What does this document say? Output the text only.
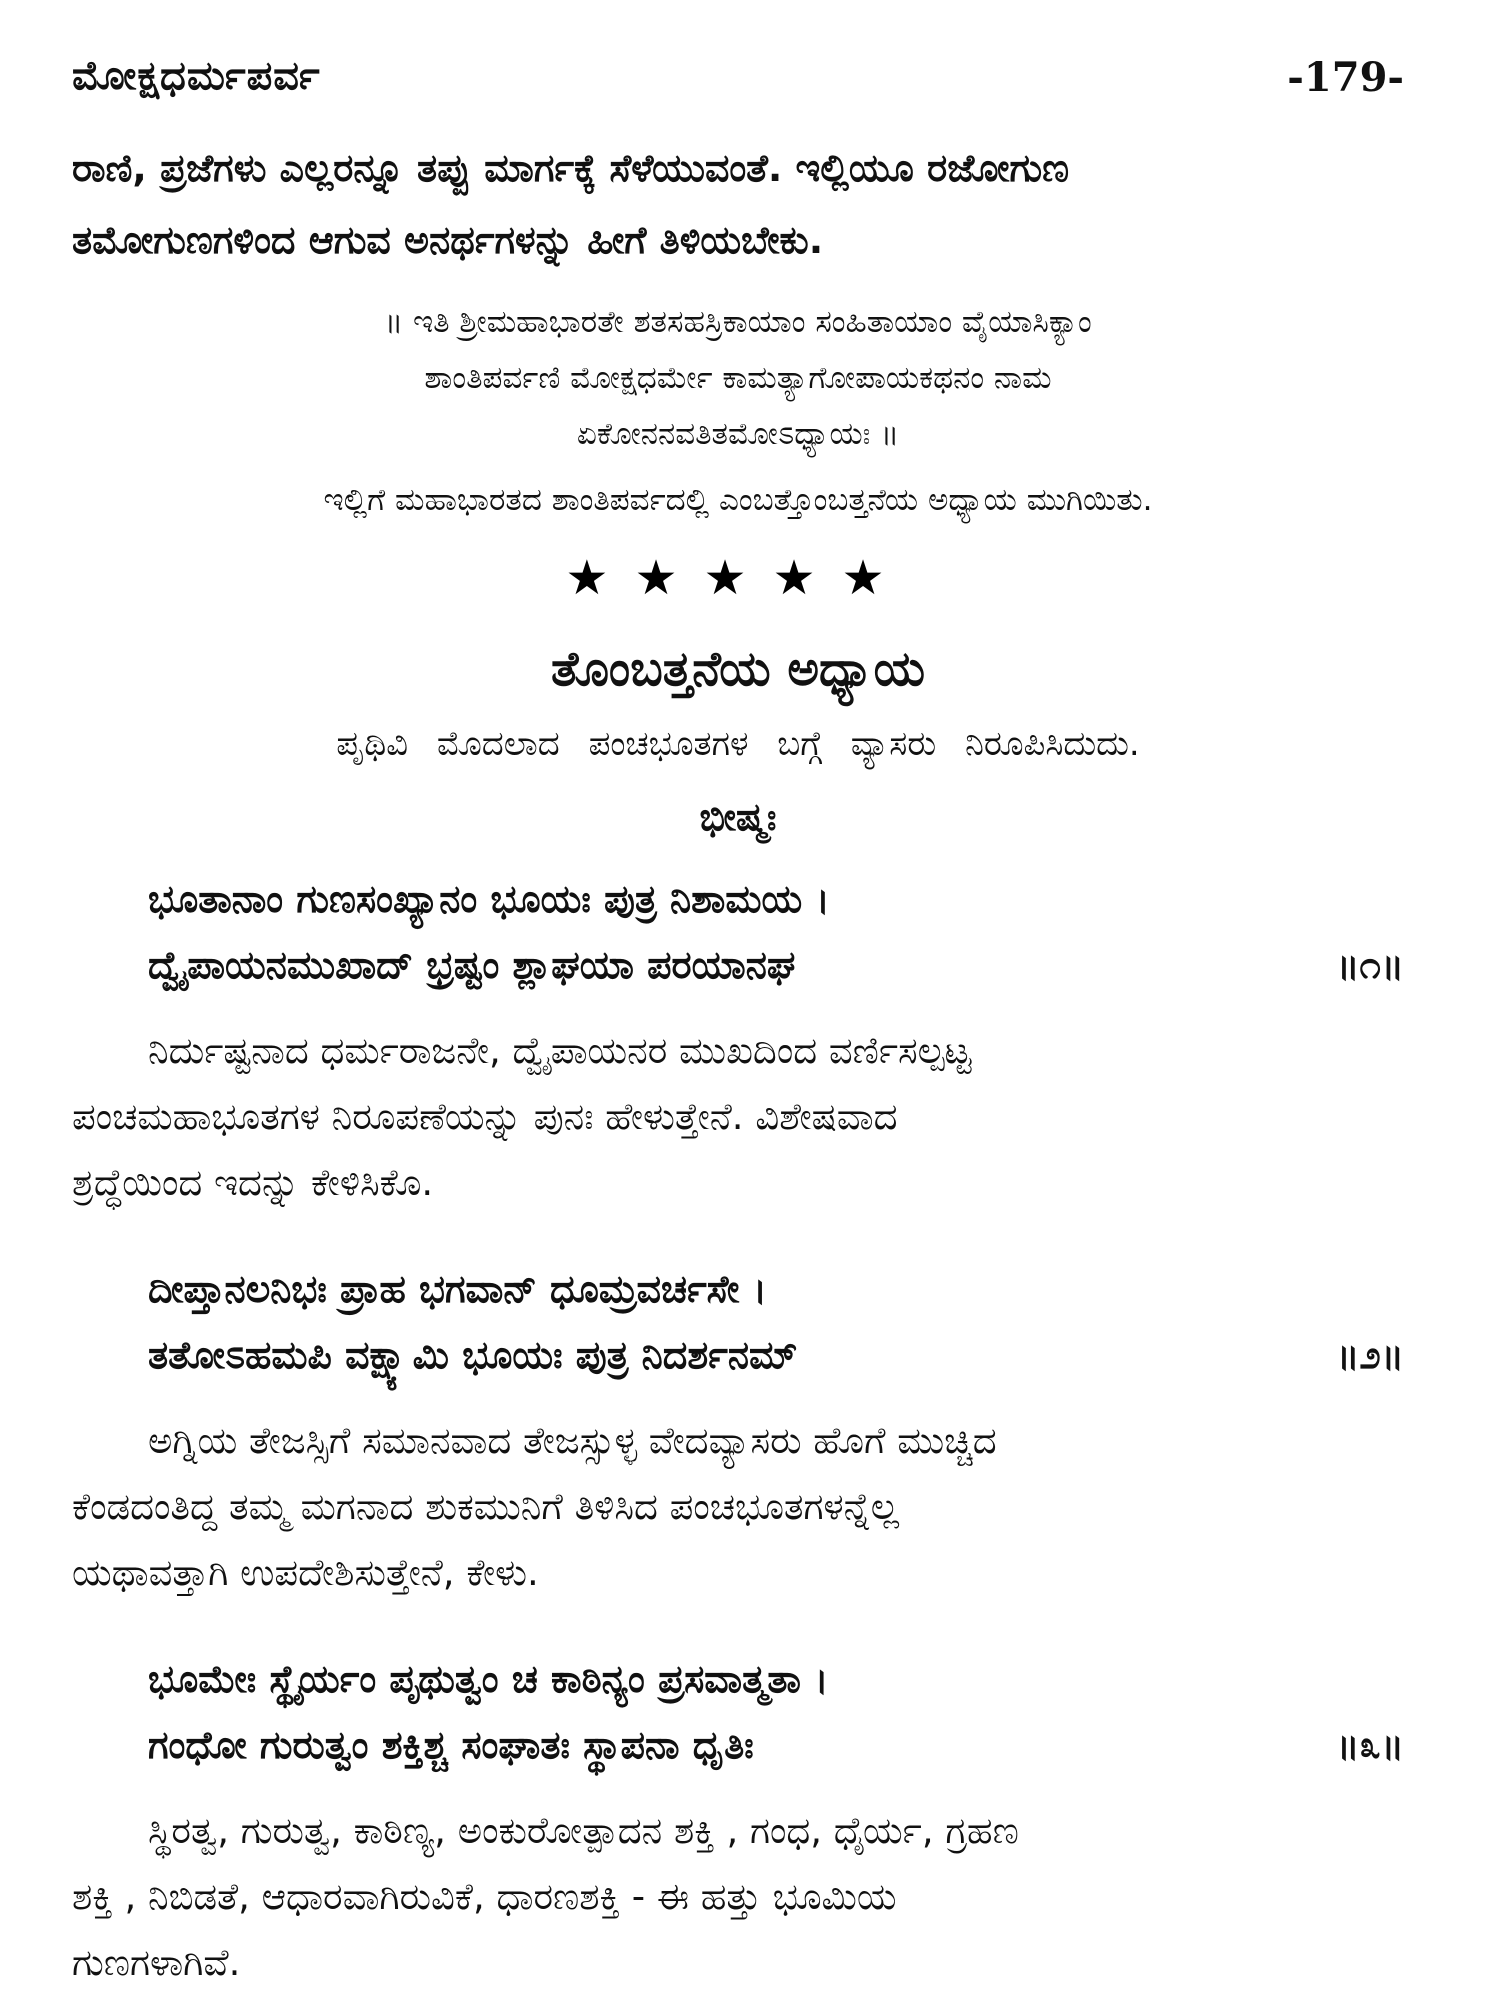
ಮೋಕ್ಷಧರ್ಮಪರ್ವ	-179-

ರಾಣಿ, ಪ್ರಜೆಗಳು ಎಲ್ಲರನ್ನೂ ತಪ್ಪು ಮಾರ್ಗಕ್ಕೆ ಸೆಳೆಯುವಂತೆ. ಇಲ್ಲಿಯೂ ರಜೋಗುಣ

ತಮೋಗುಣಗಳಿಂದ ಆಗುವ ಅನರ್ಥಗಳನ್ನು ಹೀಗೆ ತಿಳಿಯಬೇಕು.

॥ ಇತಿ ಶ್ರೀಮಹಾಭಾರತೇ ಶತಸಹಸ್ರಿಕಾಯಾಂ ಸಂಹಿತಾಯಾಂ ವೈಯಾಸಿಕ್ಯಾಂ

ಶಾಂತಿಪರ್ವಣಿ ಮೋಕ್ಷಧರ್ಮೇ ಕಾಮತ್ಯಾಗೋಪಾಯಕಥನಂ ನಾಮ

ಏಕೋನನವತಿತಮೋಽಧ್ಯಾಯಃ ॥

ಇಲ್ಲಿಗೆ ಮಹಾಭಾರತದ ಶಾಂತಿಪರ್ವದಲ್ಲಿ ಎಂಬತ್ತೊಂಬತ್ತನೆಯ ಅಧ್ಯಾಯ ಮುಗಿಯಿತು.

★★★★★
ತೊಂಬತ್ತನೆಯ ಅಧ್ಯಾಯ
ಪೃಥಿವಿ ಮೊದಲಾದ ಪಂಚಭೂತಗಳ ಬಗ್ಗೆ ವ್ಯಾಸರು ನಿರೂಪಿಸಿದುದು.
ಭೀಷ್ಮಃ
ಭೂತಾನಾಂ ಗುಣಸಂಖ್ಯಾನಂ ಭೂಯಃ ಪುತ್ರ ನಿಶಾಮಯ ।
ದ್ವೈಪಾಯನಮುಖಾದ್ ಭ್ರಷ್ಟಂ ಶ್ಲಾಘಯಾ ಪರಯಾನಘ	॥೧॥

ನಿರ್ದುಷ್ಟನಾದ ಧರ್ಮರಾಜನೇ, ದ್ವೈಪಾಯನರ ಮುಖದಿಂದ ವರ್ಣಿಸಲ್ಪಟ್ಟ

ಪಂಚಮಹಾಭೂತಗಳ ನಿರೂಪಣೆಯನ್ನು ಪುನಃ ಹೇಳುತ್ತೇನೆ. ವಿಶೇಷವಾದ

ಶ್ರದ್ಧೆಯಿಂದ ಇದನ್ನು ಕೇಳಿಸಿಕೊ.

ದೀಪ್ತಾನಲನಿಭಃ ಪ್ರಾಹ ಭಗವಾನ್ ಧೂಮ್ರವರ್ಚಸೇ ।
ತತೋಽಹಮಪಿ ವಕ್ಷ್ಯಾಮಿ ಭೂಯಃ ಪುತ್ರ ನಿದರ್ಶನಮ್	॥೨॥

ಅಗ್ನಿಯ ತೇಜಸ್ಸಿಗೆ ಸಮಾನವಾದ ತೇಜಸ್ಸುಳ್ಳ ವೇದವ್ಯಾಸರು ಹೊಗೆ ಮುಚ್ಚಿದ

ಕೆಂಡದಂತಿದ್ದ ತಮ್ಮ ಮಗನಾದ ಶುಕಮುನಿಗೆ ತಿಳಿಸಿದ ಪಂಚಭೂತಗಳನ್ನೆಲ್ಲ

ಯಥಾವತ್ತಾಗಿ ಉಪದೇಶಿಸುತ್ತೇನೆ, ಕೇಳು.

ಭೂಮೇಃ ಸ್ಥೈರ್ಯಂ ಪೃಥುತ್ವಂ ಚ ಕಾಠಿನ್ಯಂ ಪ್ರಸವಾತ್ಮತಾ ।
ಗಂಧೋ ಗುರುತ್ವಂ ಶಕ್ತಿಶ್ಚ ಸಂಘಾತಃ ಸ್ಥಾಪನಾ ಧೃತಿಃ	॥೩॥

ಸ್ಥಿರತ್ವ, ಗುರುತ್ವ, ಕಾಠಿಣ್ಯ, ಅಂಕುರೋತ್ಪಾದನ ಶಕ್ತಿ , ಗಂಧ, ಧೈರ್ಯ, ಗ್ರಹಣ

ಶಕ್ತಿ , ನಿಬಿಡತೆ, ಆಧಾರವಾಗಿರುವಿಕೆ, ಧಾರಣಶಕ್ತಿ - ಈ ಹತ್ತು ಭೂಮಿಯ

ಗುಣಗಳಾಗಿವೆ.
